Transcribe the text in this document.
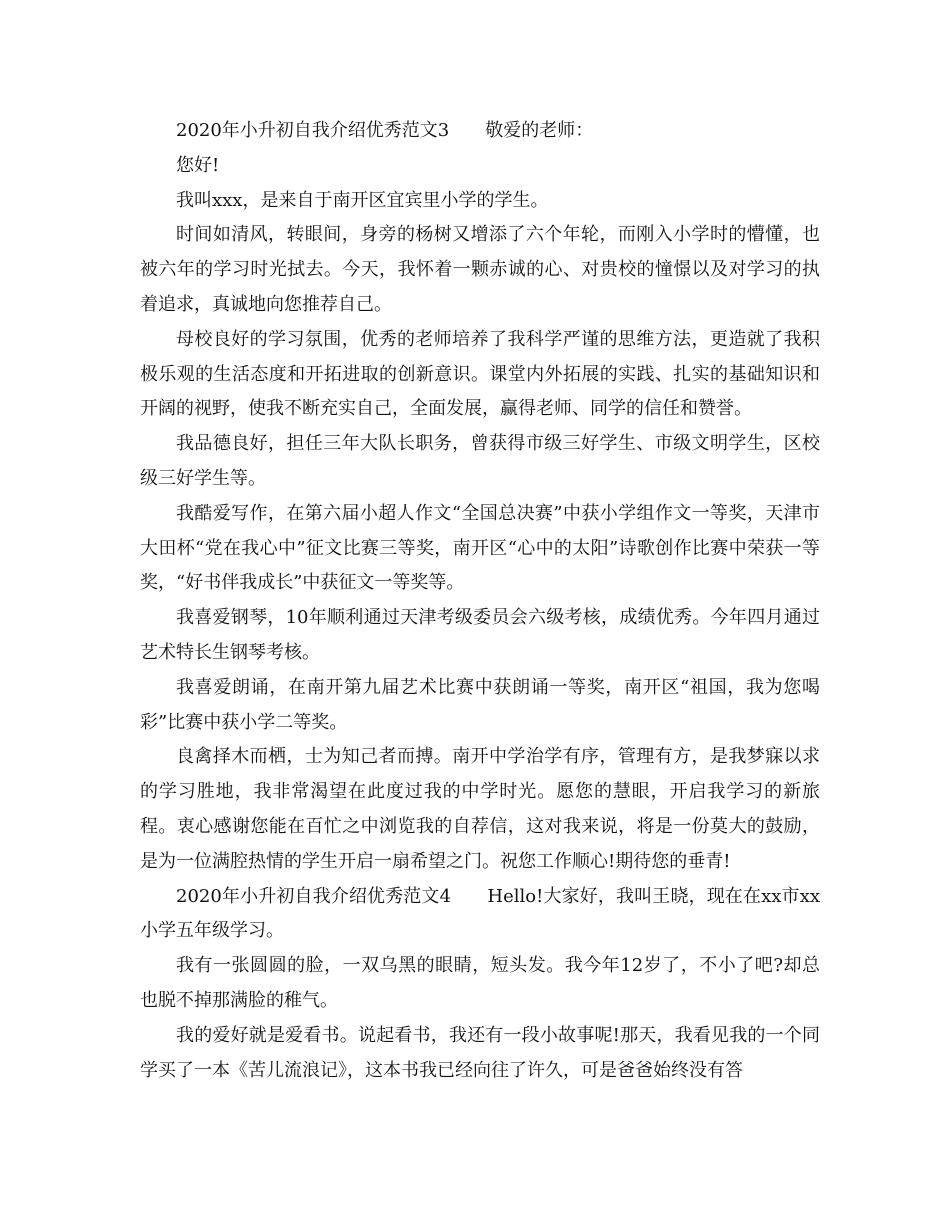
2020年小升初自我介绍优秀范文3　　敬爱的老师：

您好!

我叫xxx，是来自于南开区宜宾里小学的学生。

时间如清风，转眼间，身旁的杨树又增添了六个年轮，而刚入小学时的懵懂，也被六年的学习时光拭去。今天，我怀着一颗赤诚的心、对贵校的憧憬以及对学习的执着追求，真诚地向您推荐自己。

母校良好的学习氛围，优秀的老师培养了我科学严谨的思维方法，更造就了我积极乐观的生活态度和开拓进取的创新意识。课堂内外拓展的实践、扎实的基础知识和开阔的视野，使我不断充实自己，全面发展，赢得老师、同学的信任和赞誉。

我品德良好，担任三年大队长职务，曾获得市级三好学生、市级文明学生，区校级三好学生等。

我酷爱写作，在第六届小超人作文“全国总决赛”中获小学组作文一等奖，天津市大田杯“党在我心中”征文比赛三等奖，南开区“心中的太阳”诗歌创作比赛中荣获一等奖，“好书伴我成长”中获征文一等奖等。

我喜爱钢琴，10年顺利通过天津考级委员会六级考核，成绩优秀。今年四月通过艺术特长生钢琴考核。

我喜爱朗诵，在南开第九届艺术比赛中获朗诵一等奖，南开区“祖国，我为您喝彩”比赛中获小学二等奖。

良禽择木而栖，士为知己者而搏。南开中学治学有序，管理有方，是我梦寐以求的学习胜地，我非常渴望在此度过我的中学时光。愿您的慧眼，开启我学习的新旅程。衷心感谢您能在百忙之中浏览我的自荐信，这对我来说，将是一份莫大的鼓励，是为一位满腔热情的学生开启一扇希望之门。祝您工作顺心!期待您的垂青!

2020年小升初自我介绍优秀范文4　　Hello!大家好，我叫王晓，现在在xx市xx小学五年级学习。

我有一张圆圆的脸，一双乌黑的眼睛，短头发。我今年12岁了，不小了吧?却总也脱不掉那满脸的稚气。

我的爱好就是爱看书。说起看书，我还有一段小故事呢!那天，我看见我的一个同学买了一本《苦儿流浪记》，这本书我已经向往了许久，可是爸爸始终没有答
